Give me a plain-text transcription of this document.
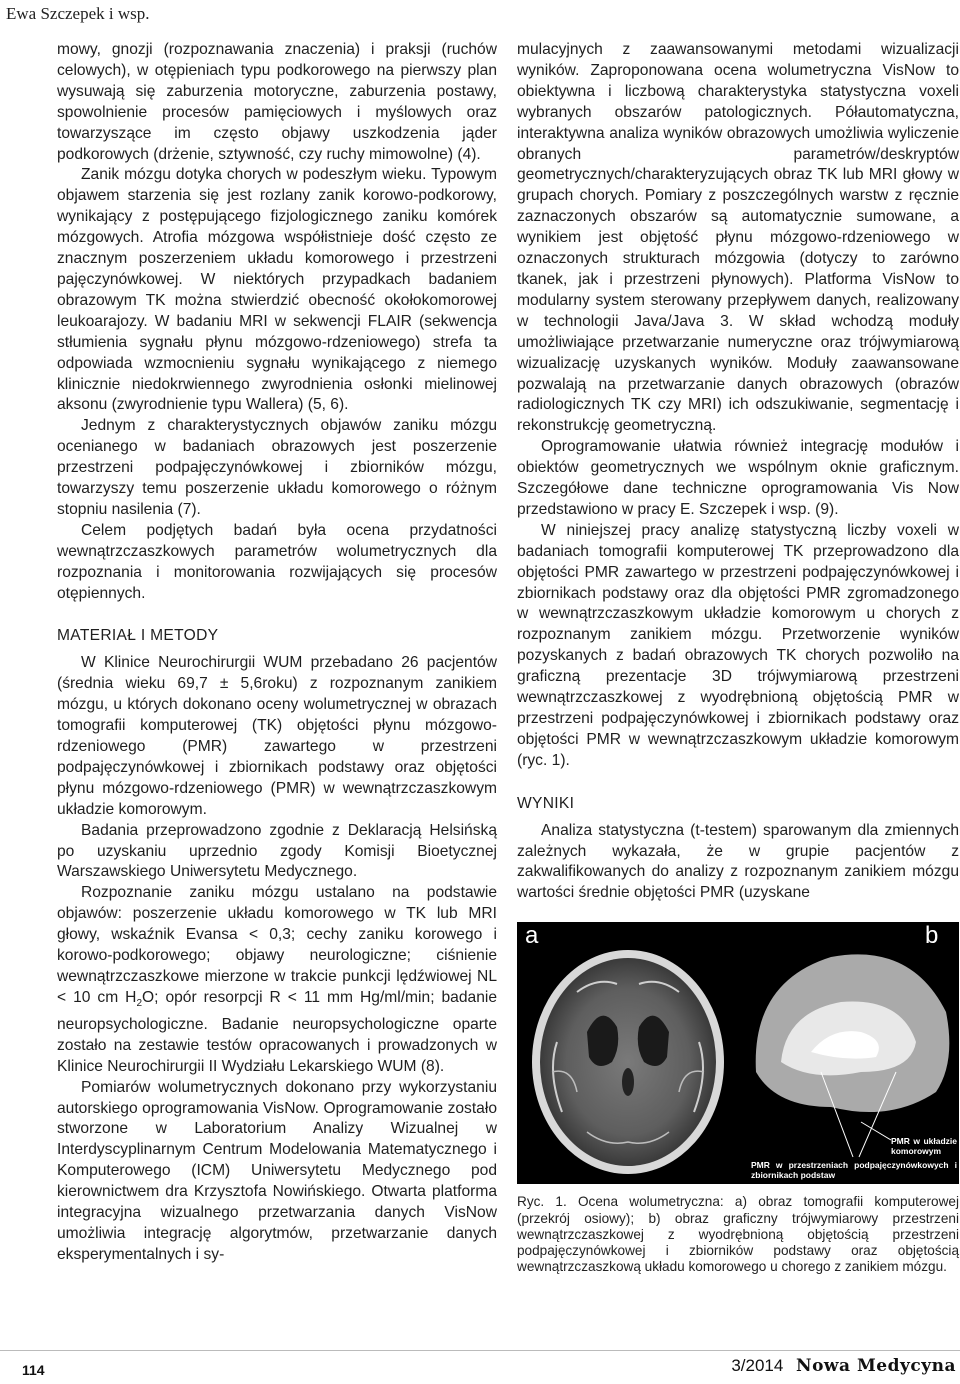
Ewa Szczepek i wsp.

mowy, gnozji (rozpoznawania znaczenia) i praksji (ruchów celowych), w otępieniach typu podkorowego na pierwszy plan wysuwają się zaburzenia motoryczne, zaburzenia postawy, spowolnienie procesów pamięciowych i myślowych oraz towarzyszące im często objawy uszkodzenia jąder podkorowych (drżenie, sztywność, czy ruchy mimowolne) (4).

Zanik mózgu dotyka chorych w podeszłym wieku. Typowym objawem starzenia się jest rozlany zanik korowo-podkorowy, wynikający z postępującego fizjologicznego zaniku komórek mózgowych. Atrofia mózgowa współistnieje dość często ze znacznym poszerzeniem układu komorowego i przestrzeni pajęczynówkowej. W niektórych przypadkach badaniem obrazowym TK można stwierdzić obecność okołokomorowej leukoarajozy. W badaniu MRI w sekwencji FLAIR (sekwencja stłumienia sygnału płynu mózgowo-rdzeniowego) strefa ta odpowiada wzmocnieniu sygnału wynikającego z niemego klinicznie niedokrwiennego zwyrodnienia osłonki mielinowej aksonu (zwyrodnienie typu Wallera) (5, 6).

Jednym z charakterystycznych objawów zaniku mózgu ocenianego w badaniach obrazowych jest poszerzenie przestrzeni podpajęczynówkowej i zbiorników mózgu, towarzyszy temu poszerzenie układu komorowego o różnym stopniu nasilenia (7).

Celem podjętych badań była ocena przydatności wewnątrzczaszkowych parametrów wolumetrycznych dla rozpoznania i monitorowania rozwijających się procesów otępiennych.

MATERIAŁ I METODY

W Klinice Neurochirurgii WUM przebadano 26 pacjentów (średnia wieku 69,7 ± 5,6roku) z rozpoznanym zanikiem mózgu, u których dokonano oceny wolumetrycznej w obrazach tomografii komputerowej (TK) objętości płynu mózgowo-rdzeniowego (PMR) zawartego w przestrzeni podpajęczynówkowej i zbiornikach podstawy oraz objętości płynu mózgowo-rdzeniowego (PMR) w wewnątrzczaszkowym układzie komorowym.

Badania przeprowadzono zgodnie z Deklaracją Helsińską po uzyskaniu uprzednio zgody Komisji Bioetycznej Warszawskiego Uniwersytetu Medycznego.

Rozpoznanie zaniku mózgu ustalano na podstawie objawów: poszerzenie układu komorowego w TK lub MRI głowy, wskaźnik Evansa < 0,3; cechy zaniku korowego i korowo-podkorowego; objawy neurologiczne; ciśnienie wewnątrzczaszkowe mierzone w trakcie punkcji lędźwiowej NL < 10 cm $H_2O$; opór resorpcji R < 11 mm Hg/ml/min; badanie neuropsychologiczne. Badanie neuropsychologiczne oparte zostało na zestawie testów opracowanych i prowadzonych w Klinice Neurochirurgii II Wydziału Lekarskiego WUM (8).

Pomiarów wolumetrycznych dokonano przy wykorzystaniu autorskiego oprogramowania VisNow. Oprogramowanie zostało stworzone w Laboratorium Analizy Wizualnej w Interdyscyplinarnym Centrum Modelowania Matematycznego i Komputerowego (ICM) Uniwersytetu Medycznego pod kierownictwem dra Krzysztofa Nowińskiego. Otwarta platforma integracyjna wizualnego przetwarzania danych VisNow umożliwia integrację algorytmów, przetwarzanie danych eksperymentalnych i sy-

mulacyjnych z zaawansowanymi metodami wizualizacji wyników. Zaproponowana ocena wolumetryczna VisNow to obiektywna i liczbową charakterystyka statystyczna voxeli wybranych obszarów patologicznych. Półautomatyczna, interaktywna analiza wyników obrazowych umożliwia wyliczenie obranych parametrów/deskryptów geometrycznych/charakteryzujących obraz TK lub MRI głowy w grupach chorych. Pomiary z poszczególnych warstw z ręcznie zaznaczonych obszarów są automatycznie sumowane, a wynikiem jest objętość płynu mózgowo-rdzeniowego w oznaczonych strukturach mózgowia (dotyczy to zarówno tkanek, jak i przestrzeni płynowych). Platforma VisNow to modularny system sterowany przepływem danych, realizowany w technologii Java/Java 3. W skład wchodzą moduły umożliwiające przetwarzanie numeryczne oraz trójwymiarową wizualizację uzyskanych wyników. Moduły zaawansowane pozwalają na przetwarzanie danych obrazowych (obrazów radiologicznych TK czy MRI) ich odszukiwanie, segmentację i rekonstrukcję geometryczną.

Oprogramowanie ułatwia również integrację modułów i obiektów geometrycznych we wspólnym oknie graficznym. Szczegółowe dane techniczne oprogramowania Vis Now przedstawiono w pracy E. Szczepek i wsp. (9).

W niniejszej pracy analizę statystyczną liczby voxeli w badaniach tomografii komputerowej TK przeprowadzono dla objętości PMR zawartego w przestrzeni podpajęczynówkowej i zbiornikach podstawy oraz dla objętości PMR zgromadzonego w wewnątrzczaszkowym układzie komorowym u chorych z rozpoznanym zanikiem mózgu. Przetworzenie wyników pozyskanych z badań obrazowych TK chorych pozwoliło na graficzną prezentacje 3D trójwymiarową przestrzeni wewnątrzczaszkowej z wyodrębnioną objętością PMR w przestrzeni podpajęczynówkowej i zbiornikach podstawy oraz objętości PMR w wewnątrzczaszkowym układzie komorowym (ryc. 1).

WYNIKI

Analiza statystyczna (t-testem) sparowanym dla zmiennych zależnych wykazała, że w grupie pacjentów z zakwalifikowanych do analizy z rozpoznanym zanikiem mózgu wartości średnie objętości PMR (uzyskane

a	b
PMR w układzie komorowym
PMR w przestrzeniach podpajęczynówkowych i zbiornikach podstaw
Ryc. 1. Ocena wolumetryczna: a) obraz tomografii komputerowej (przekrój osiowy); b) obraz graficzny trójwymiarowy przestrzeni wewnątrzczaszkowej z wyodrębnioną objętością przestrzeni podpajęczynówkowej i zbiorników podstawy oraz objętością wewnątrzczaszkową układu komorowego u chorego z zanikiem mózgu.
114	3/2014 Nowa Medycyna
